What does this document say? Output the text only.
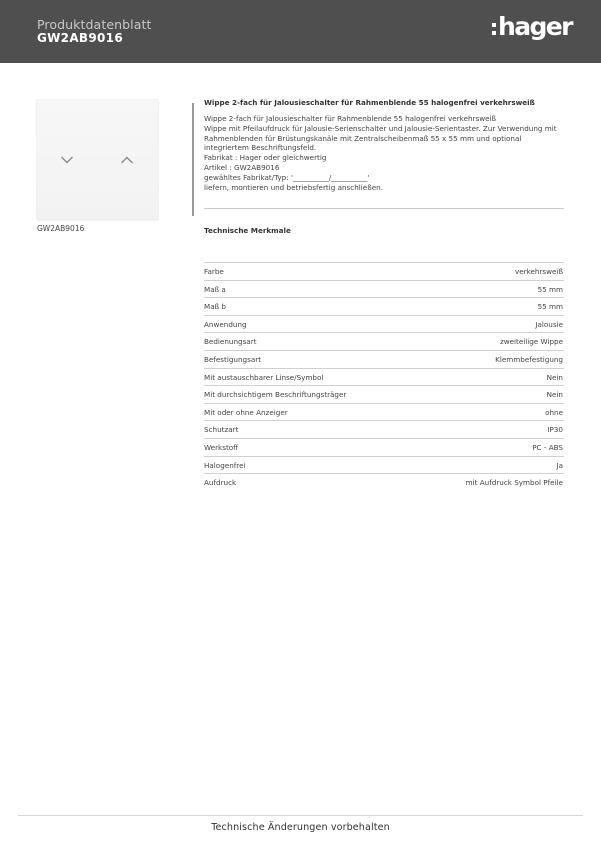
Produktdatenblatt
GW2AB9016	hager
GW2AB9016
Wippe 2-fach für Jalousieschalter für Rahmenblende 55 halogenfrei verkehrsweiß
Wippe 2-fach für Jalousieschalter für Rahmenblende 55 halogenfrei verkehrsweiß
Wippe mit Pfeilaufdruck für Jalousie-Serienschalter und Jalousie-Serientaster. Zur Verwendung mit
Rahmenblenden für Brüstungskanäle mit Zentralscheibenmaß 55 x 55 mm und optional
integriertem Beschriftungsfeld.
Fabrikat : Hager oder gleichwertig
Artikel : GW2AB9016
gewähltes Fabrikat/Typ: '__________/__________'
liefern, montieren und betriebsfertig anschließen.
Technische Merkmale
Farbe	verkehrsweiß
Maß a	55 mm
Maß b	55 mm
Anwendung	Jalousie
Bedienungsart	zweiteilige Wippe
Befestigungsart	Klemmbefestigung
Mit austauschbarer Linse/Symbol	Nein
Mit durchsichtigem Beschriftungsträger	Nein
Mit oder ohne Anzeiger	ohne
Schutzart	IP30
Werkstoff	PC - ABS
Halogenfrei	Ja
Aufdruck	mit Aufdruck Symbol Pfeile
Technische Änderungen vorbehalten
